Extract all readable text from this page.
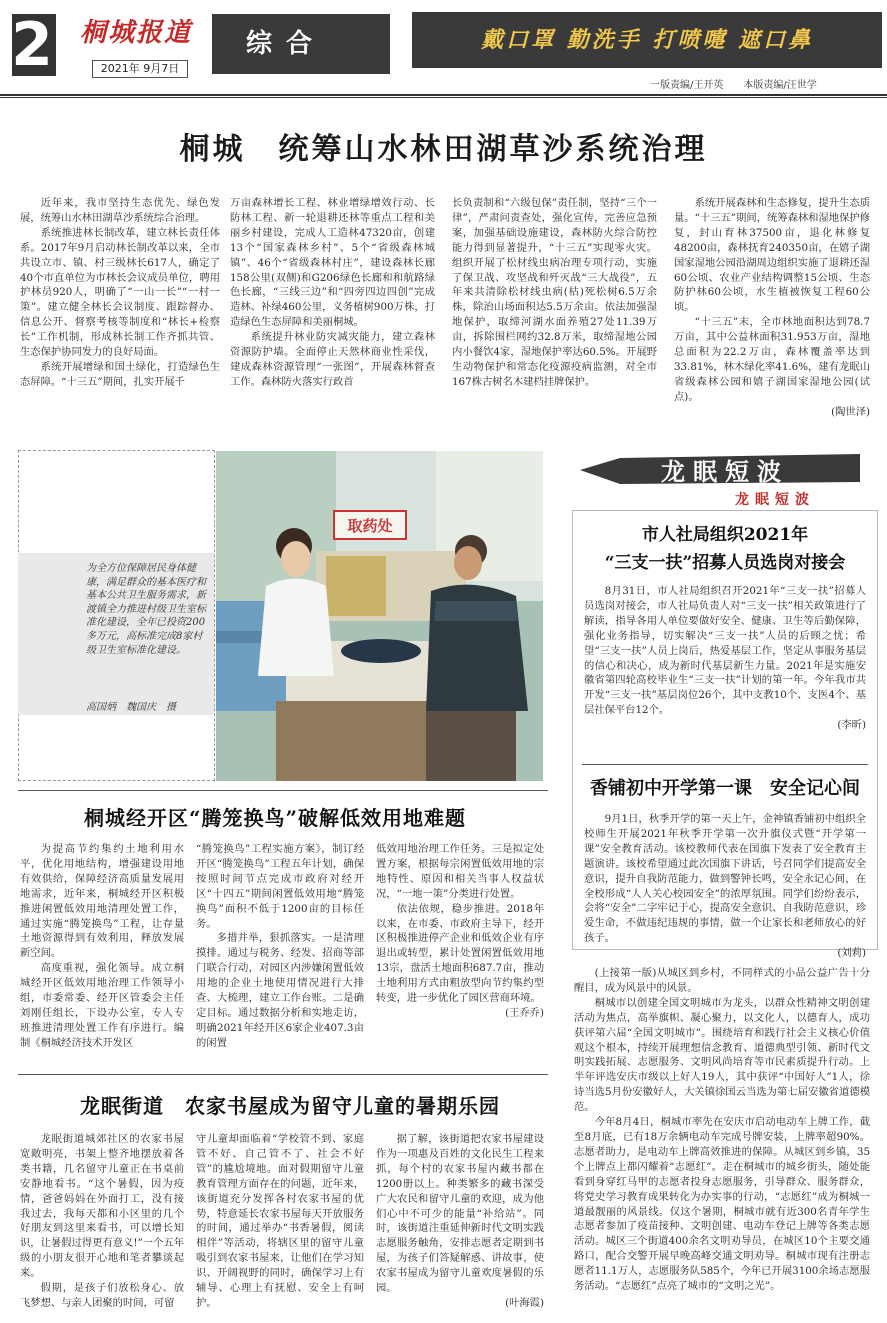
2 桐城报道
2021年 9月7日
综合	戴口罩 勤洗手 打喷嚏 遮口鼻
一版责编/王开英　　本版责编/汪世学
桐城　统筹山水林田湖草沙系统治理

近年来，我市坚持生态优先、绿色发展，统筹山水林田湖草沙系统综合治理。

系统推进林长制改革，建立林长责任体系。2017年9月启动林长制改革以来，全市共设立市、镇、村三级林长617人，确定了40个市直单位为市林长会议成员单位，聘用护林员920人，明确了“一山一长”“一村一策”。建立健全林长会议制度、跟踪督办、信息公开、督察考核等制度和“林长+检察长”工作机制，形成林长制工作齐抓共管、生态保护协同发力的良好局面。

系统开展增绿和国土绿化，打造绿色生态屏障。“十三五”期间，扎实开展千

万亩森林增长工程、林业增绿增效行动、长防林工程、新一轮退耕还林等重点工程和美丽乡村建设，完成人工造林47320亩，创建13个“国家森林乡村”、5个“省级森林城镇”、46个“省级森林村庄”，建设森林长廊158公里(双侧)和G206绿色长廊和和航路绿色长廊，“三线三边”和“四旁四边四创”完成造林、补绿460公里，义务植树900万株，打造绿色生态屏障和美丽桐城。

系统提升林业防灾减灾能力，建立森林资源防护墙。全面停止天然林商业性采伐，建成森林资源管理“一张图”，开展森林督查工作。森林防火落实行政首

长负责制和“六级包保”责任制，坚持“三个一律”，严肃问责查处，强化宣传，完善应急预案，加强基础设施建设，森林防火综合防控能力得到显著提升，“十三五”实现零火灾。组织开展了松材线虫病冶理专项行动，实施了保卫战、攻坚战和歼灭战“三大战役”，五年来共清除松材线虫病(枯)死松树6.5万余株，除治山场面积达5.5万余亩。依法加强湿地保护，取缔河湖水面养殖27处11.39万亩，拆除围栏网约32.8万米，取缔湿地公园内小餐饮4家，湿地保护率达60.5%。开展野生动物保护和常态化疫源疫病监测，对全市167株古树名木建档挂牌保护。

系统开展森林和生态修复，提升生态质量。“十三五”期间，统筹森林和湿地保护修复，封山育林37500亩，退化林修复48200亩，森林抚育240350亩，在嬉子湖国家湿地公园沿湖周边组织实施了退耕还湿60公顷、农业产业结构调整15公顷、生态防护林60公顷，水生植被恢复工程60公顷。

“十三五”末，全市林地面积达到78.7万亩，其中公益林面积31.953万亩，湿地总面积为22.2万亩，森林覆盖率达到33.81%，林木绿化率41.6%，建有龙眠山省级森林公园和嬉子湖国家湿地公园(试点)。

(陶世泽)

为全方位保障居民身体健康，满足群众的基本医疗和基本公共卫生服务需求，新渡镇全力推进村级卫生室标准化建设，全年已投资200多万元，高标准完成8家村级卫生室标准化建设。
高国炳　魏国庆　摄
取药处
龙眠短波
龙眠短波
市人社局组织2021年
“三支一扶”招募人员选岗对接会

8月31日，市人社局组织召开2021年“三支一扶”招募人员选岗对接会，市人社局负责人对“三支一扶”相关政策进行了解读，指导各用人单位要做好安全、健康、卫生等后勤保障，强化业务指导，切实解决“三支一扶”人员的后顾之忧；希望“三支一扶”人员上岗后，热爱基层工作，坚定从事服务基层的信心和决心，成为新时代基层新生力量。2021年是实施安徽省第四轮高校毕业生“三支一扶”计划的第一年。今年我市共开发“三支一扶”基层岗位26个，其中支教10个、支医4个、基层社保平台12个。

(李昕)

香铺初中开学第一课　安全记心间

9月1日，秋季开学的第一天上午，金神镇香铺初中组织全校师生开展2021年秋季开学第一次升旗仪式暨“开学第一课”安全教育活动。该校教师代表在国旗下发表了安全教育主题演讲。该校希望通过此次国旗下讲话，号召同学们提高安全意识，提升自我防范能力，做到警钟长鸣，安全永记心间，在全校形成“人人关心校园安全”的浓厚氛围。同学们纷纷表示，会将“安全”二字牢记于心，提高安全意识、自我防范意识，珍爱生命，不做违纪违规的事情，做一个让家长和老师放心的好孩子。

(刘莉)

桐城经开区“腾笼换鸟”破解低效用地难题

为提高节约集约土地利用水平，优化用地结构，增强建设用地有效供给，保障经济高质量发展用地需求，近年来，桐城经开区积极推进闲置低效用地清理处置工作，通过实施“腾笼换鸟”工程，让存量土地资源得到有效利用，释放发展新空间。

高度重视，强化领导。成立桐城经开区低效用地治理工作领导小组，市委常委、经开区管委会主任刘刚任组长，下设办公室，专人专班推进清理处置工作有序进行。编制《桐城经济技术开发区

“腾笼换鸟”工程实施方案》，制订经开区“腾笼换鸟”工程五年计划，确保按照时间节点完成市政府对经开区“十四五”期间闲置低效用地“腾笼换鸟”面积不低于1200亩的目标任务。

多措并举，狠抓落实。一是清理摸排。通过与税务、经发、招商等部门联合行动，对园区内涉嫌闲置低效用地的企业土地使用情况进行大排查、大梳理，建立工作台账。二是确定目标。通过数据分析和实地走访，明确2021年经开区6家企业407.3亩的闲置

低效用地治理工作任务。三是拟定处置方案，根据每宗闲置低效用地的宗地特性、原因和相关当事人权益状况，“一地一策”分类进行处置。

依法依规，稳步推进。2018年以来，在市委、市政府主导下，经开区积极推进停产企业和低效企业有序退出或转型，累计处置闲置低效用地13宗，盘活土地面积687.7亩，推动土地利用方式由粗放型向节约集约型转变，进一步优化了园区营商环境。

(王乔乔)

龙眠街道　农家书屋成为留守儿童的暑期乐园

龙眠街道城郊社区的农家书屋宽敞明亮，书架上整齐地摆放着各类书籍，几名留守儿童正在书桌前安静地看书。“这个暑假，因为疫情，爸爸妈妈在外面打工，没有接我过去，我每天都和小区里的几个好朋友到这里来看书，可以增长知识，让暑假过得更有意义!”一个五年级的小朋友很开心地和笔者攀谈起来。

假期，是孩子们放松身心、放飞梦想、与亲人团聚的时间，可留

守儿童却面临着“学校管不到、家庭管不好、自己管不了、社会不好管”的尴尬境地。面对假期留守儿童教育管理方面存在的问题，近年来，该街道充分发挥各村农家书屋的优势，特意延长农家书屋每天开放服务的时间，通过举办“书香暑假，阅读相伴”等活动，将辖区里的留守儿童吸引到农家书屋来，让他们在学习知识、开阔视野的同时，确保学习上有辅导、心理上有抚慰、安全上有呵护。

据了解，该街道把农家书屋建设作为一项惠及百姓的文化民生工程来抓，每个村的农家书屋内藏书都在1200册以上。种类繁多的藏书深受广大农民和留守儿童的欢迎，成为他们心中不可少的能量“补给站”。同时，该街道注重延伸新时代文明实践志愿服务触角，安排志愿者定期到书屋，为孩子们答疑解惑、讲故事，使农家书屋成为留守儿童欢度暑假的乐园。

(叶海霞)

(上接第一版)从城区到乡村，不同样式的小品公益广告十分醒目，成为风景中的风景。

桐城市以创建全国文明城市为龙头，以群众性精神文明创建活动为焦点，高举旗帜、凝心聚力，以文化人，以德育人，成功获评第六届“全国文明城市”。围绕培育和践行社会主义核心价值观这个根本，持续开展理想信念教育、道德典型引领、新时代文明实践拓展、志愿服务、文明风尚培育等市民素质提升行动。上半年评选安庆市级以上好人19人，其中获评“中国好人”1人，徐诗当选5月份安徽好人，大关镇徐国云当选为第七届安徽省道德模范。

今年8月4日，桐城市率先在安庆市启动电动车上牌工作，截至8月底，已有18万余辆电动车完成号牌安装，上牌率超90%。志愿者助力，是电动车上牌高效推进的保障。从城区到乡镇，35个上牌点上都闪耀着“志愿红”。走在桐城市的城乡街头，随处能看到身穿红马甲的志愿者投身志愿服务，引导群众、服务群众，将党史学习教育成果转化为办实事的行动，“志愿红”成为桐城一道最靓丽的风景线。仅这个暑期，桐城市就有近300名青年学生志愿者参加了疫苗接种、文明创建、电动车登记上牌等各类志愿活动。城区三个街道400余名文明劝导员，在城区10个主要交通路口，配合交警开展早晚高峰交通文明劝导。桐城市现有注册志愿者11.1万人，志愿服务队585个，今年已开展3100余场志愿服务活动。“志愿红”点亮了城市的“文明之光”。
